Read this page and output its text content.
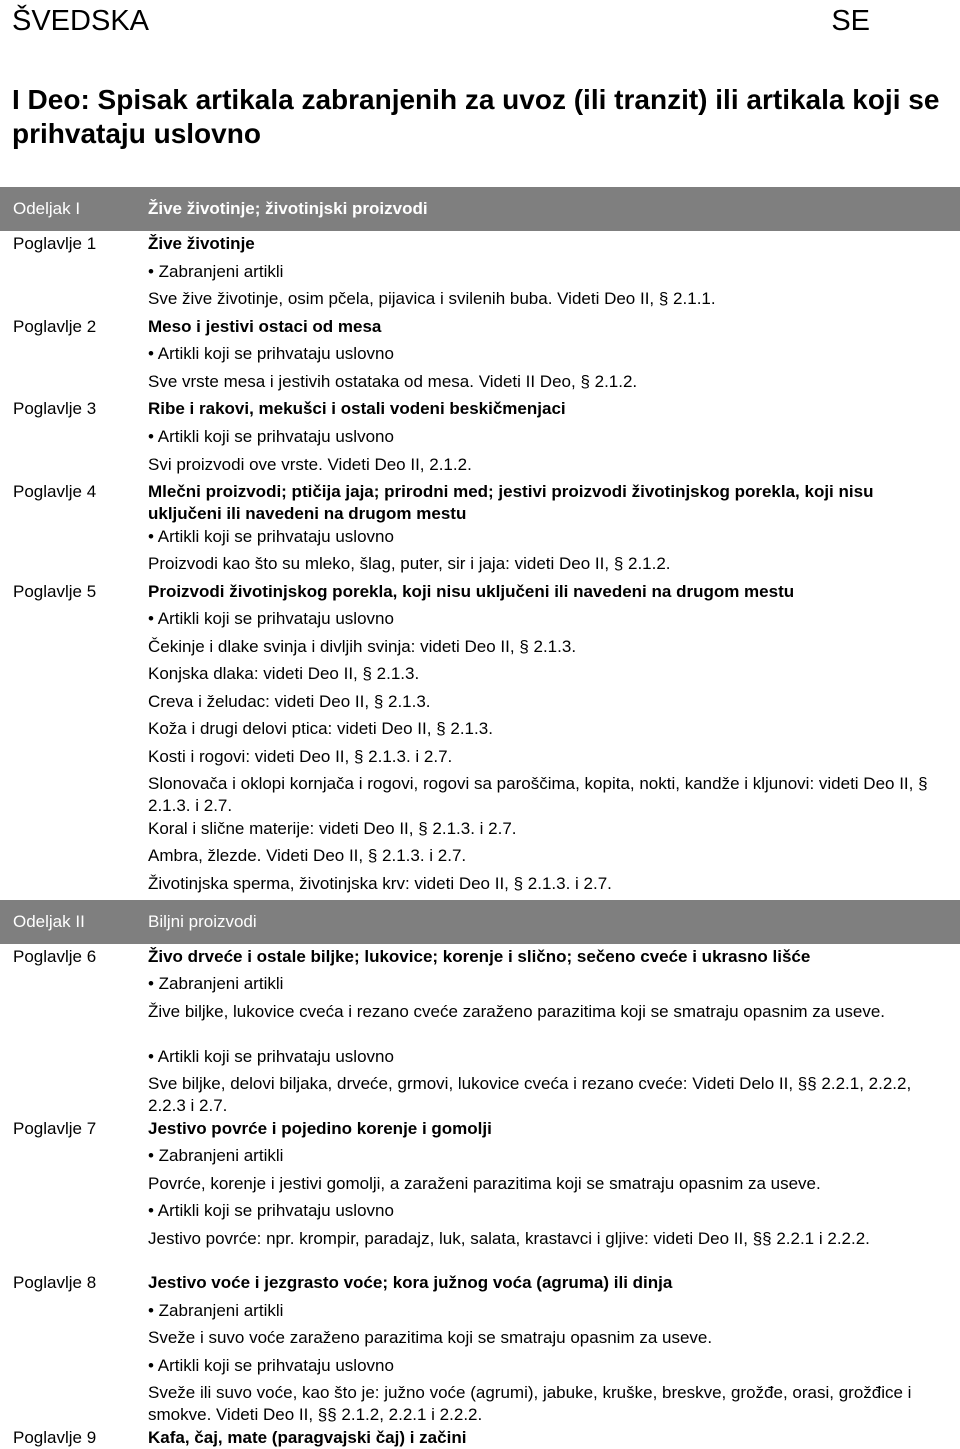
ŠVEDSKA	SE
I Deo: Spisak artikala zabranjenih za uvoz (ili tranzit) ili artikala koji se prihvataju uslovno
Odeljak I	Žive životinje; životinjski proizvodi
Poglavlje 1	Žive životinje
• Zabranjeni artikli
Sve žive životinje, osim pčela, pijavica i svilenih buba. Videti Deo II, § 2.1.1.
Poglavlje 2	Meso i jestivi ostaci od mesa
• Artikli koji se prihvataju uslovno
Sve vrste mesa i jestivih ostataka od mesa. Videti II Deo, § 2.1.2.
Poglavlje 3	Ribe i rakovi, mekušci i ostali vodeni beskičmenjaci
• Artikli koji se prihvataju uslvono
Svi proizvodi ove vrste. Videti Deo II, 2.1.2.
Poglavlje 4	Mlečni proizvodi; ptičija jaja; prirodni med; jestivi proizvodi životinjskog porekla, koji nisu uključeni ili navedeni na drugom mestu
• Artikli koji se prihvataju uslovno
Proizvodi kao što su mleko, šlag, puter, sir i jaja: videti Deo II, § 2.1.2.
Poglavlje 5	Proizvodi životinjskog porekla, koji nisu uključeni ili navedeni na drugom mestu
• Artikli koji se prihvataju uslovno
Čekinje i dlake svinja i divljih svinja: videti Deo II, § 2.1.3.
Konjska dlaka: videti Deo II, § 2.1.3.
Creva i želudac: videti Deo II, § 2.1.3.
Koža i drugi delovi ptica: videti Deo II, § 2.1.3.
Kosti i rogovi: videti Deo II, § 2.1.3. i 2.7.
Slonovača i oklopi kornjača i rogovi, rogovi sa paroščima, kopita, nokti, kandže i kljunovi: videti Deo II, § 2.1.3. i 2.7.
Koral i slične materije: videti Deo II, § 2.1.3. i 2.7.
Ambra, žlezde. Videti Deo II, § 2.1.3. i 2.7.
Životinjska sperma, životinjska krv: videti Deo II, § 2.1.3. i 2.7.
Odeljak II	Biljni proizvodi
Poglavlje 6	Živo drveće i ostale biljke; lukovice; korenje i slično; sečeno cveće i ukrasno lišće
• Zabranjeni artikli
Žive biljke, lukovice cveća i rezano cveće zaraženo parazitima koji se smatraju opasnim za useve.
• Artikli koji se prihvataju uslovno
Sve biljke, delovi biljaka, drveće, grmovi, lukovice cveća i rezano cveće: Videti Delo II, §§ 2.2.1, 2.2.2, 2.2.3 i 2.7.
Poglavlje 7	Jestivo povrće i pojedino korenje i gomolji
• Zabranjeni artikli
Povrće, korenje i jestivi gomolji, a zaraženi parazitima koji se smatraju opasnim za useve.
• Artikli koji se prihvataju uslovno
Jestivo povrće: npr. krompir, paradajz, luk, salata, krastavci i gljive: videti Deo II, §§ 2.2.1 i 2.2.2.
Poglavlje 8	Jestivo voće i jezgrasto voće; kora južnog voća (agruma) ili dinja
• Zabranjeni artikli
Sveže i suvo voće zaraženo parazitima koji se smatraju opasnim za useve.
• Artikli koji se prihvataju uslovno
Sveže ili suvo voće, kao što je: južno voće (agrumi), jabuke, kruške, breskve, grožđe, orasi, grožđice i smokve. Videti Deo II, §§ 2.1.2, 2.2.1 i 2.2.2.
Poglavlje 9	Kafa, čaj, mate (paragvajski čaj) i začini
